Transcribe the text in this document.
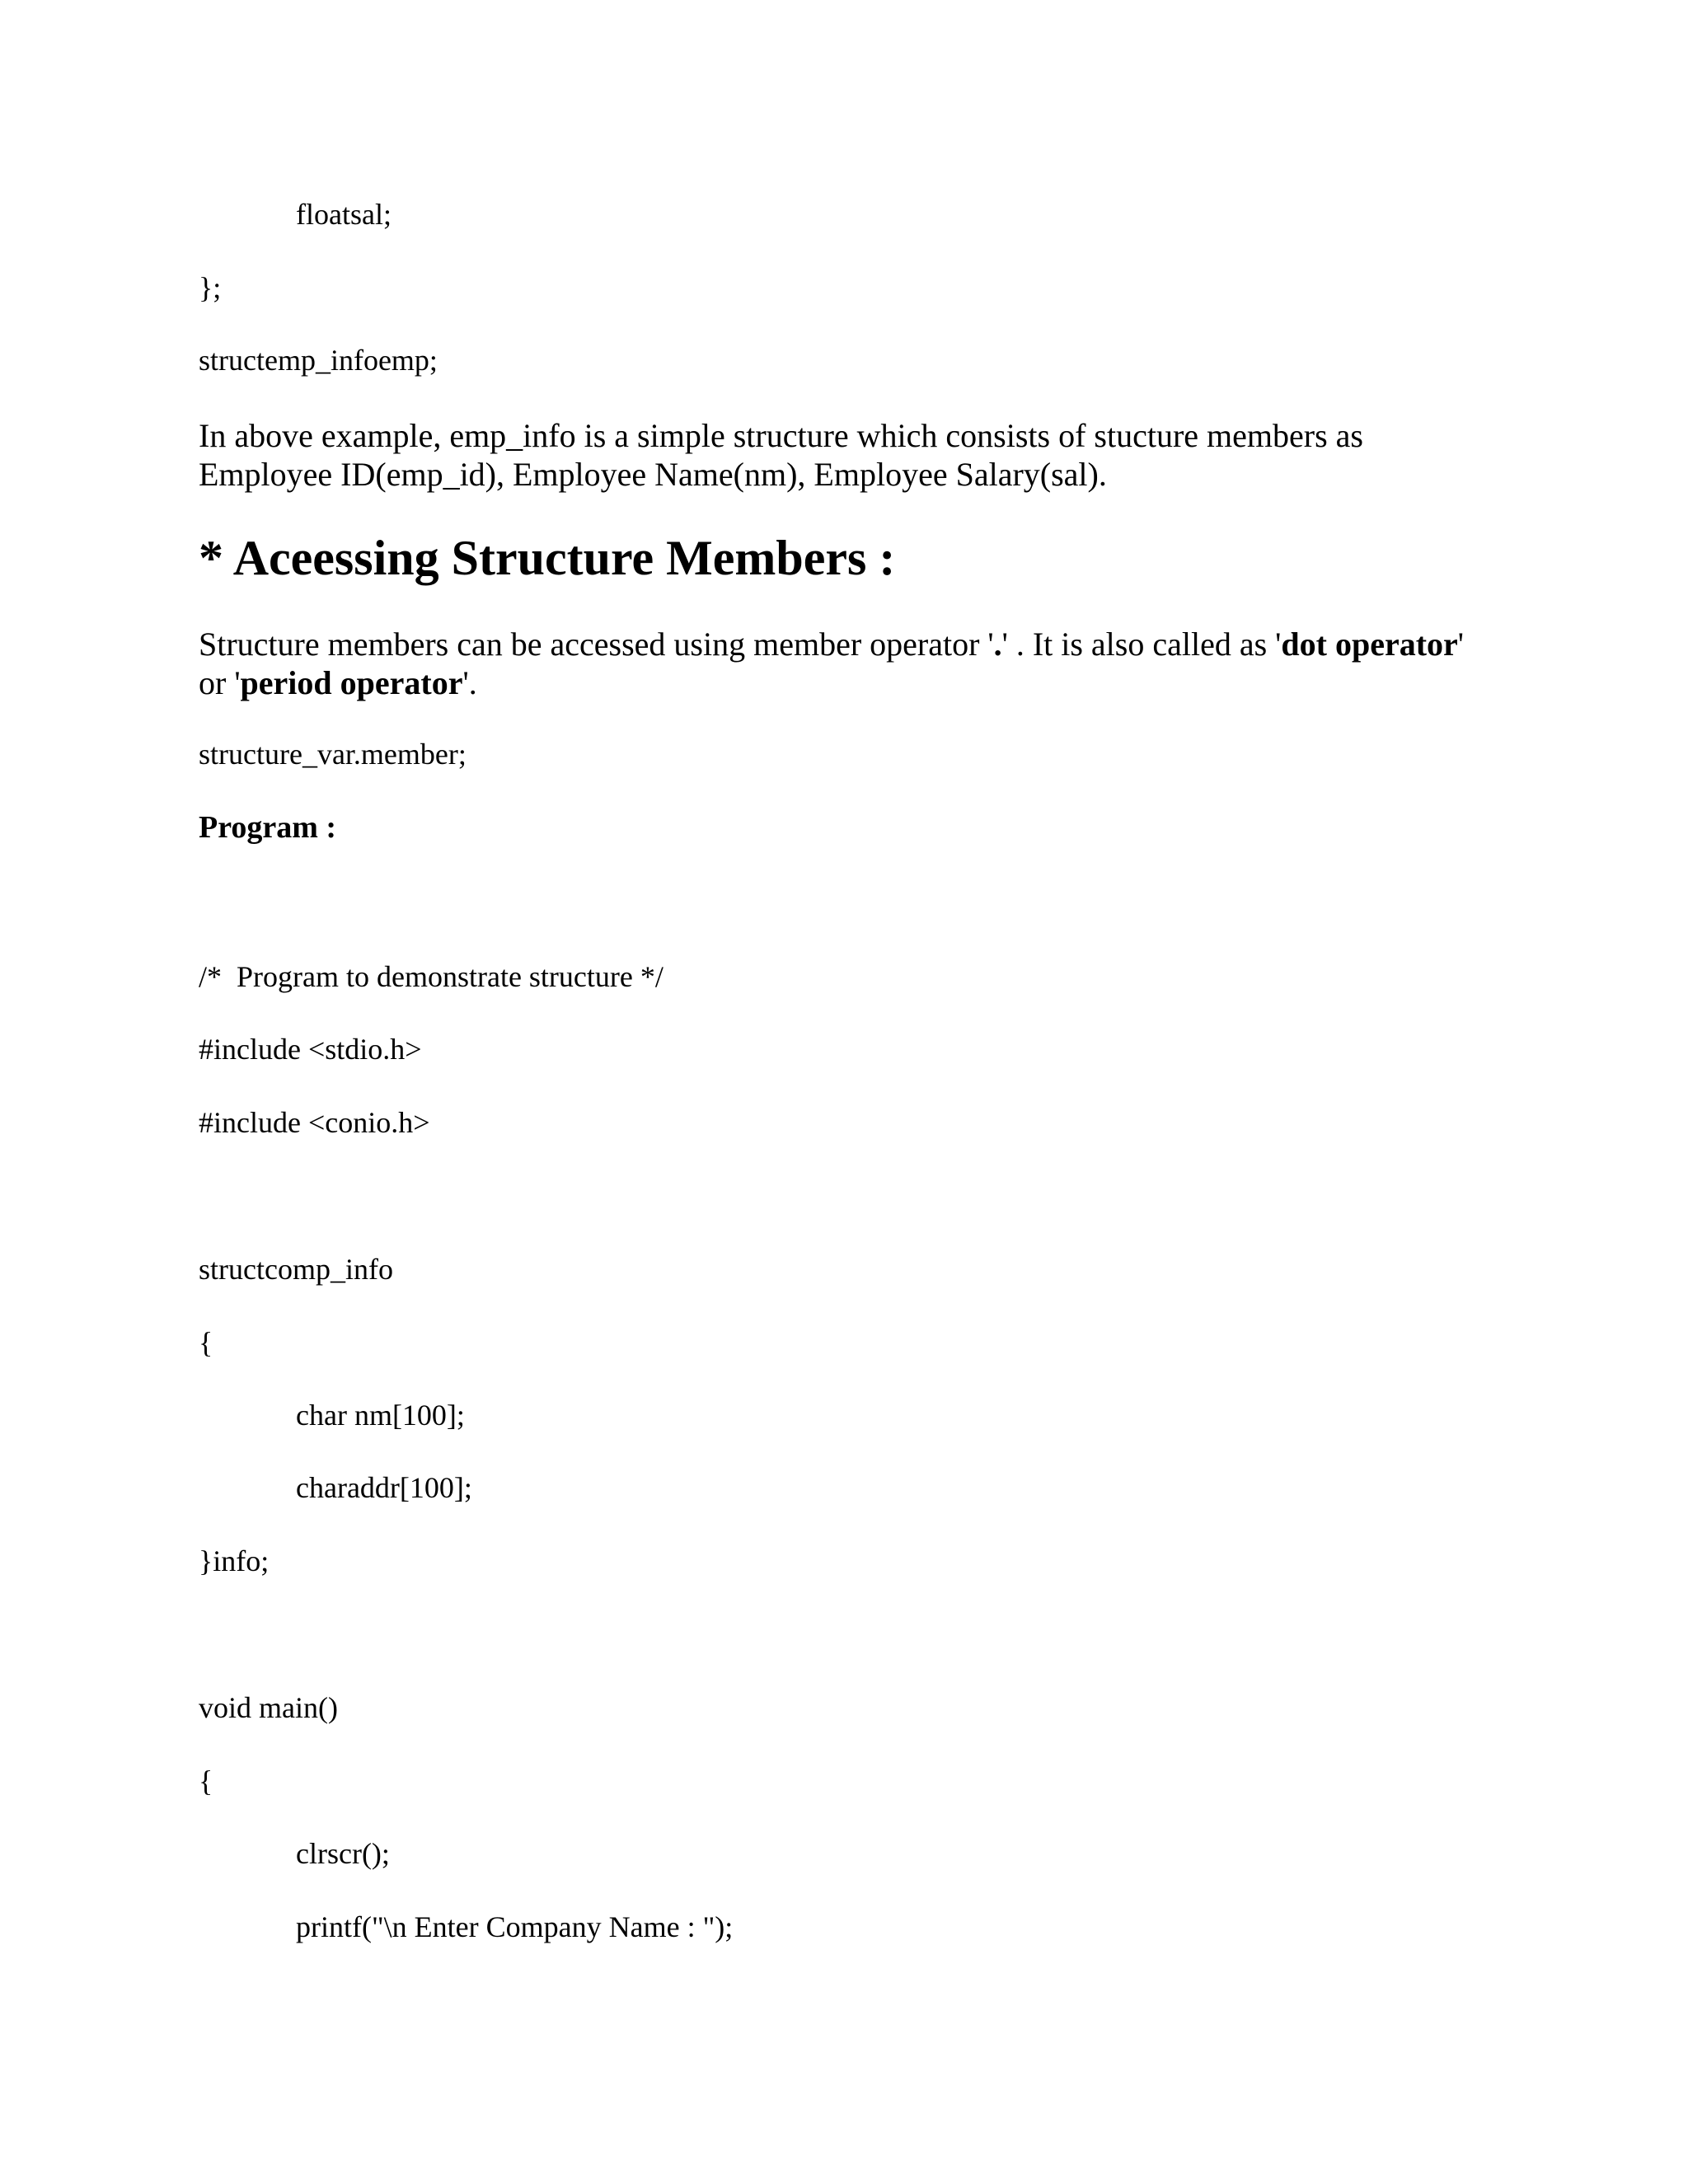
floatsal;
};
structemp_infoemp;
In above example, emp_info is a simple structure which consists of stucture members as
Employee ID(emp_id), Employee Name(nm), Employee Salary(sal).
* Aceessing Structure Members :
Structure members can be accessed using member operator '.' . It is also called as 'dot operator'
or 'period operator'.
structure_var.member;
Program :
/*  Program to demonstrate structure */
#include <stdio.h>
#include <conio.h>
structcomp_info
{
char nm[100];
charaddr[100];
}info;
void main()
{
clrscr();
printf("\n Enter Company Name : ");
